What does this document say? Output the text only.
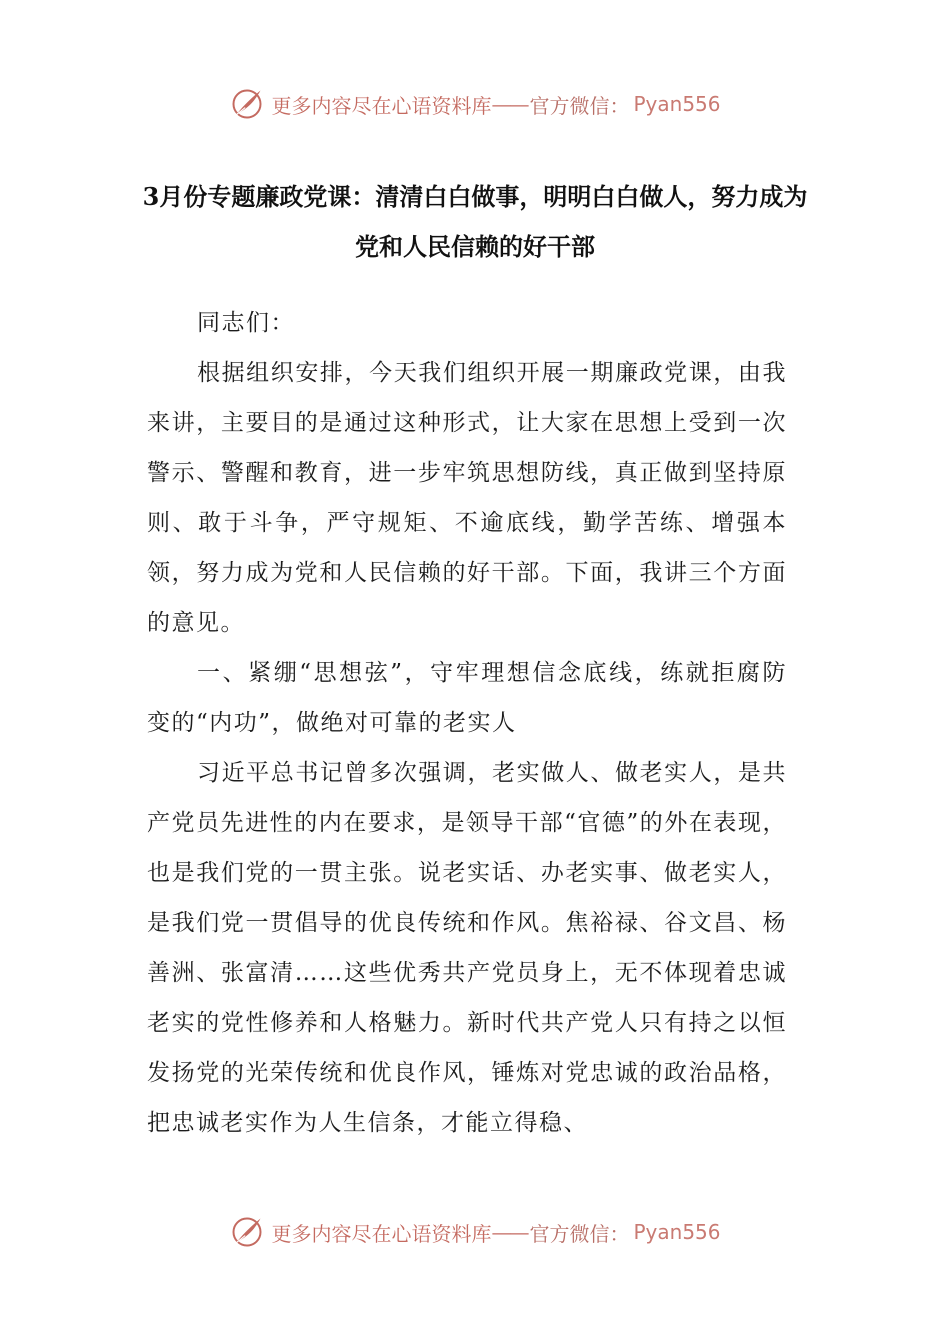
更多内容尽在心语资料库 —— 官方微信： Pyan556
3月份专题廉政党课：清清白白做事，明明白白做人，努力成为党和人民信赖的好干部

同志们：

根据组织安排，今天我们组织开展一期廉政党课，由我来讲，主要目的是通过这种形式，让大家在思想上受到一次警示、警醒和教育，进一步牢筑思想防线，真正做到坚持原则、敢于斗争，严守规矩、不逾底线，勤学苦练、增强本领，努力成为党和人民信赖的好干部。下面，我讲三个方面的意见。

一、紧绷“思想弦”，守牢理想信念底线，练就拒腐防变的“内功”，做绝对可靠的老实人

习近平总书记曾多次强调，老实做人、做老实人，是共产党员先进性的内在要求，是领导干部“官德”的外在表现，也是我们党的一贯主张。说老实话、办老实事、做老实人，是我们党一贯倡导的优良传统和作风。焦裕禄、谷文昌、杨善洲、张富清……这些优秀共产党员身上，无不体现着忠诚老实的党性修养和人格魅力。新时代共产党人只有持之以恒发扬党的光荣传统和优良作风，锤炼对党忠诚的政治品格，把忠诚老实作为人生信条，才能立得稳、

更多内容尽在心语资料库 —— 官方微信： Pyan556
